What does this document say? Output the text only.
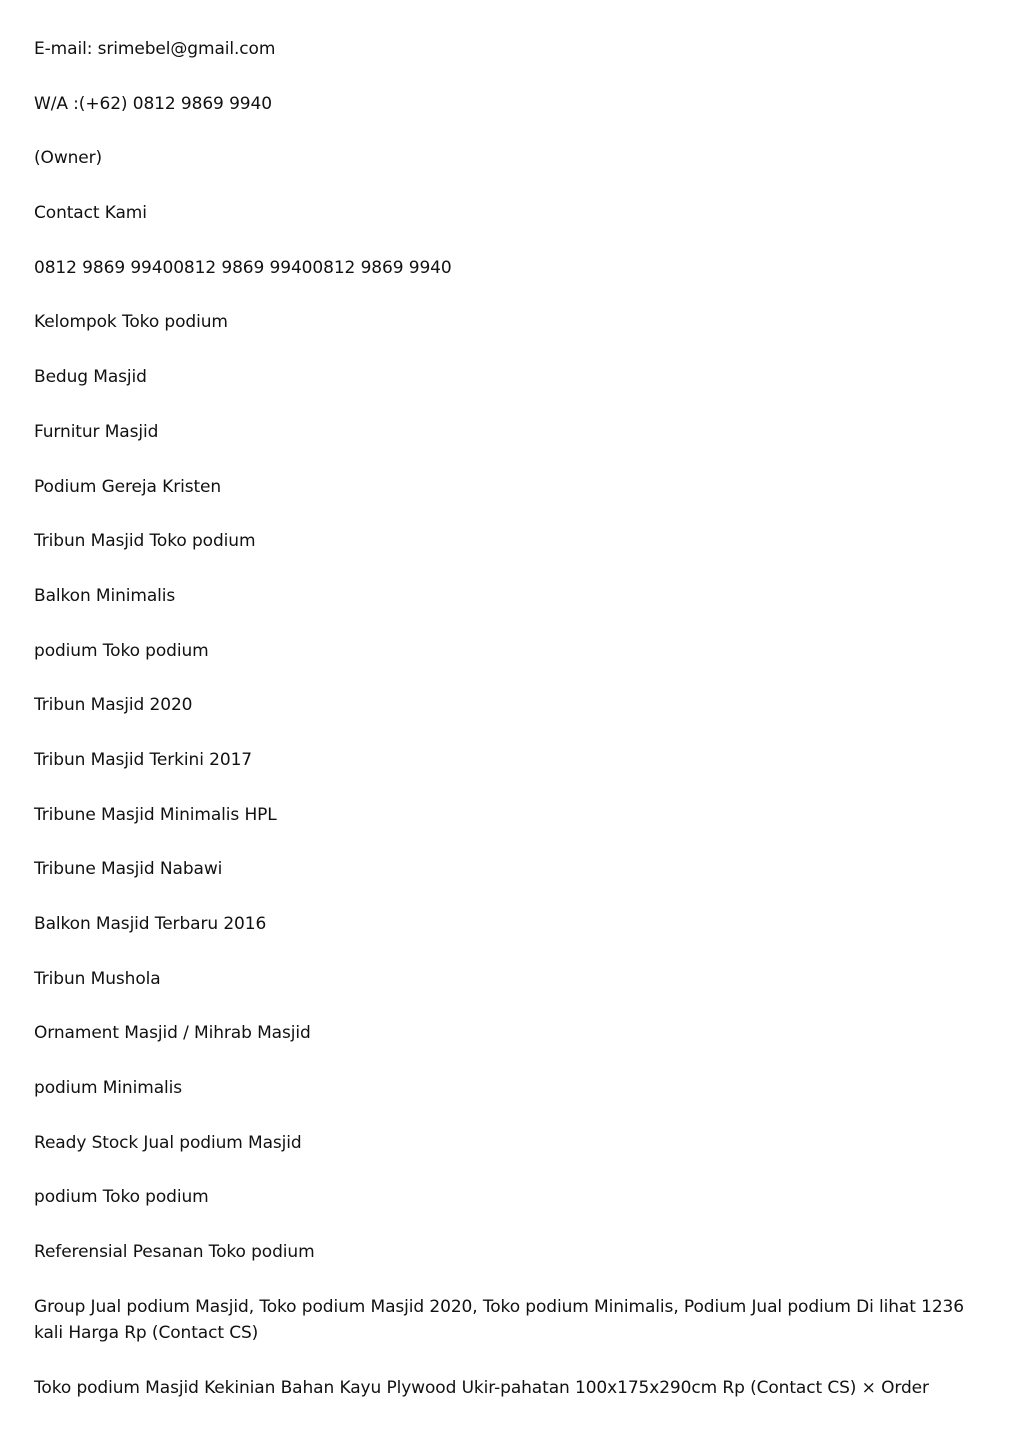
E-mail: srimebel@gmail.com

W/A :(+62) 0812 9869 9940

(Owner)

Contact Kami

0812 9869 99400812 9869 99400812 9869 9940

Kelompok Toko podium

Bedug Masjid

Furnitur Masjid

Podium Gereja Kristen

Tribun Masjid Toko podium

Balkon Minimalis

podium Toko podium

Tribun Masjid 2020

Tribun Masjid Terkini 2017

Tribune Masjid Minimalis HPL

Tribune Masjid Nabawi

Balkon Masjid Terbaru 2016

Tribun Mushola

Ornament Masjid / Mihrab Masjid

podium Minimalis

Ready Stock Jual podium Masjid

podium Toko podium

Referensial Pesanan Toko podium

Group Jual podium Masjid, Toko podium Masjid 2020, Toko podium Minimalis, Podium Jual podium Di lihat 1236 kali Harga Rp (Contact CS)

Toko podium Masjid Kekinian Bahan Kayu Plywood Ukir-pahatan 100x175x290cm Rp (Contact CS) × Order
